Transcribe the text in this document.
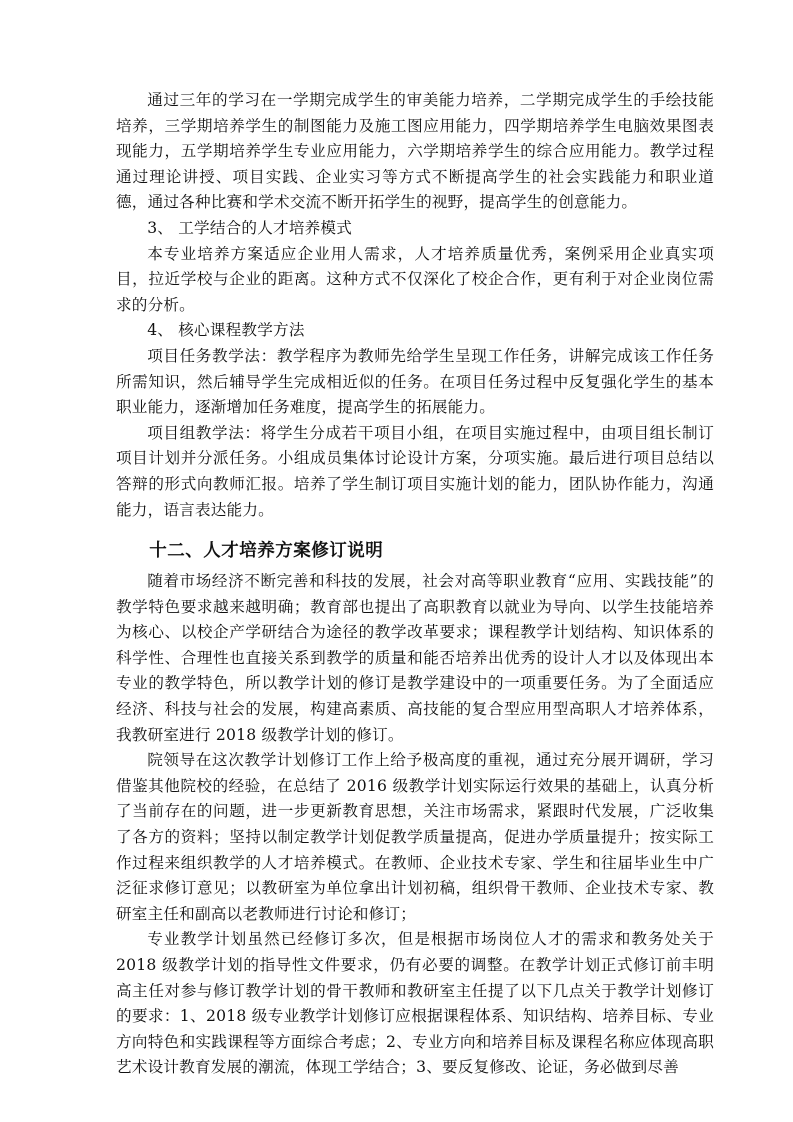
通过三年的学习在一学期完成学生的审美能力培养，二学期完成学生的手绘技能培养，三学期培养学生的制图能力及施工图应用能力，四学期培养学生电脑效果图表现能力，五学期培养学生专业应用能力，六学期培养学生的综合应用能力。教学过程通过理论讲授、项目实践、企业实习等方式不断提高学生的社会实践能力和职业道德，通过各种比赛和学术交流不断开拓学生的视野，提高学生的创意能力。

3、 工学结合的人才培养模式

本专业培养方案适应企业用人需求，人才培养质量优秀，案例采用企业真实项目，拉近学校与企业的距离。这种方式不仅深化了校企合作，更有利于对企业岗位需求的分析。

4、 核心课程教学方法

项目任务教学法：教学程序为教师先给学生呈现工作任务，讲解完成该工作任务所需知识，然后辅导学生完成相近似的任务。在项目任务过程中反复强化学生的基本职业能力，逐渐增加任务难度，提高学生的拓展能力。

项目组教学法：将学生分成若干项目小组，在项目实施过程中，由项目组长制订项目计划并分派任务。小组成员集体讨论设计方案，分项实施。最后进行项目总结以答辩的形式向教师汇报。培养了学生制订项目实施计划的能力，团队协作能力，沟通能力，语言表达能力。

十二、人才培养方案修订说明

随着市场经济不断完善和科技的发展，社会对高等职业教育“应用、实践技能”的教学特色要求越来越明确；教育部也提出了高职教育以就业为导向、以学生技能培养为核心、以校企产学研结合为途径的教学改革要求；课程教学计划结构、知识体系的科学性、合理性也直接关系到教学的质量和能否培养出优秀的设计人才以及体现出本专业的教学特色，所以教学计划的修订是教学建设中的一项重要任务。为了全面适应经济、科技与社会的发展，构建高素质、高技能的复合型应用型高职人才培养体系，我教研室进行 2018 级教学计划的修订。

院领导在这次教学计划修订工作上给予极高度的重视，通过充分展开调研，学习借鉴其他院校的经验，在总结了 2016 级教学计划实际运行效果的基础上，认真分析了当前存在的问题，进一步更新教育思想，关注市场需求，紧跟时代发展，广泛收集了各方的资料；坚持以制定教学计划促教学质量提高，促进办学质量提升；按实际工作过程来组织教学的人才培养模式。在教师、企业技术专家、学生和往届毕业生中广泛征求修订意见；以教研室为单位拿出计划初稿，组织骨干教师、企业技术专家、教研室主任和副高以老教师进行讨论和修订；

专业教学计划虽然已经修订多次，但是根据市场岗位人才的需求和教务处关于 2018 级教学计划的指导性文件要求，仍有必要的调整。在教学计划正式修订前丰明高主任对参与修订教学计划的骨干教师和教研室主任提了以下几点关于教学计划修订的要求：1、2018 级专业教学计划修订应根据课程体系、知识结构、培养目标、专业方向特色和实践课程等方面综合考虑；2、专业方向和培养目标及课程名称应体现高职艺术设计教育发展的潮流，体现工学结合；3、要反复修改、论证，务必做到尽善
